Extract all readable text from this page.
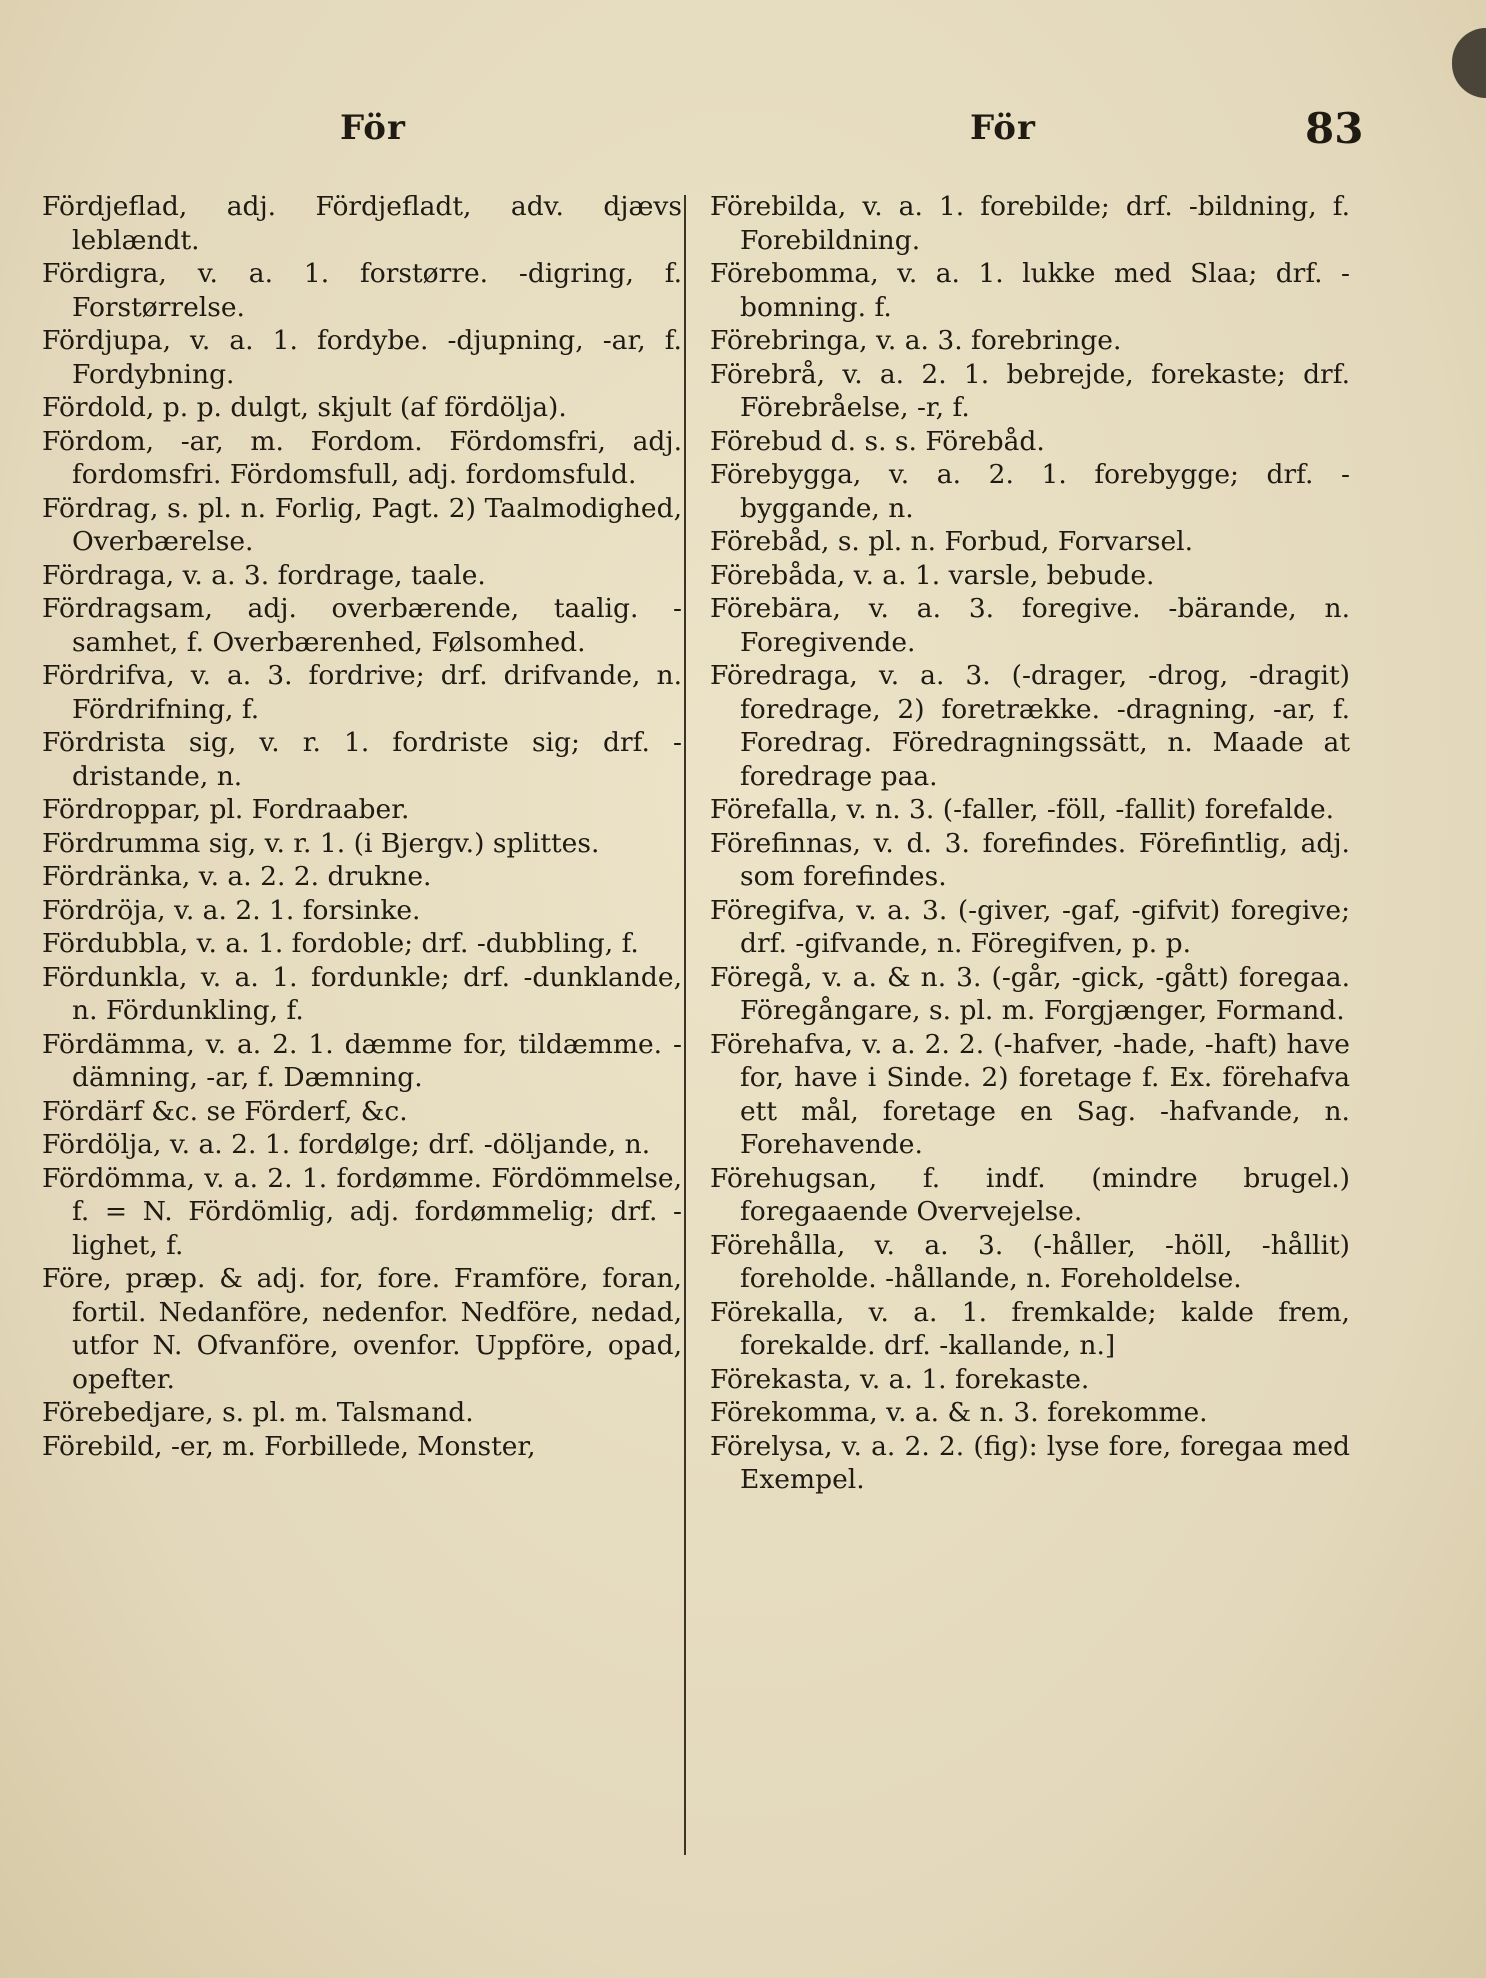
För	För	83

Fördjeflad, adj. Fördjefladt, adv. djævs leblændt.

Fördigra, v. a. 1. forstørre. -digring, f. Forstørrelse.

Fördjupa, v. a. 1. fordybe. -djupning, -ar, f. Fordybning.

Fördold, p. p. dulgt, skjult (af fördölja).

Fördom, -ar, m. Fordom. Fördomsfri, adj. fordomsfri. Fördomsfull, adj. fordomsfuld.

Fördrag, s. pl. n. Forlig, Pagt. 2) Taalmodighed, Overbærelse.

Fördraga, v. a. 3. fordrage, taale.

Fördragsam, adj. overbærende, taalig. -samhet, f. Overbærenhed, Følsomhed.

Fördrifva, v. a. 3. fordrive; drf. drifvande, n. Fördrifning, f.

Fördrista sig, v. r. 1. fordriste sig; drf. -dristande, n.

Fördroppar, pl. Fordraaber.

Fördrumma sig, v. r. 1. (i Bjergv.) splittes.

Fördränka, v. a. 2. 2. drukne.

Fördröja, v. a. 2. 1. forsinke.

Fördubbla, v. a. 1. fordoble; drf. -dubbling, f.

Fördunkla, v. a. 1. fordunkle; drf. -dunklande, n. Fördunkling, f.

Fördämma, v. a. 2. 1. dæmme for, tildæmme. -dämning, -ar, f. Dæmning.

Fördärf &c. se Förderf, &c.

Fördölja, v. a. 2. 1. fordølge; drf. -döljande, n.

Fördömma, v. a. 2. 1. fordømme. Fördömmelse, f. = N. Fördömlig, adj. fordømmelig; drf. -lighet, f.

Före, præp. & adj. for, fore. Framföre, foran, fortil. Nedanföre, nedenfor. Nedföre, nedad, utfor N. Ofvanföre, ovenfor. Uppföre, opad, opefter.

Förebedjare, s. pl. m. Talsmand.

Förebild, -er, m. Forbillede, Monster,

Förebilda, v. a. 1. forebilde; drf. -bildning, f. Forebildning.

Förebomma, v. a. 1. lukke med Slaa; drf. -bomning. f.

Förebringa, v. a. 3. forebringe.

Förebrå, v. a. 2. 1. bebrejde, forekaste; drf. Förebråelse, -r, f.

Förebud d. s. s. Förebåd.

Förebygga, v. a. 2. 1. forebygge; drf. -byggande, n.

Förebåd, s. pl. n. Forbud, Forvarsel.

Förebåda, v. a. 1. varsle, bebude.

Förebära, v. a. 3. foregive. -bärande, n. Foregivende.

Föredraga, v. a. 3. (-drager, -drog, -dragit) foredrage, 2) foretrække. -dragning, -ar, f. Foredrag. Föredragningssätt, n. Maade at foredrage paa.

Förefalla, v. n. 3. (-faller, -föll, -fallit) forefalde.

Förefinnas, v. d. 3. forefindes. Förefintlig, adj. som forefindes.

Föregifva, v. a. 3. (-giver, -gaf, -gifvit) foregive; drf. -gifvande, n. Föregifven, p. p.

Föregå, v. a. & n. 3. (-går, -gick, -gått) foregaa. Föregångare, s. pl. m. Forgjænger, Formand.

Förehafva, v. a. 2. 2. (-hafver, -hade, -haft) have for, have i Sinde. 2) foretage f. Ex. förehafva ett mål, foretage en Sag. -hafvande, n. Forehavende.

Förehugsan, f. indf. (mindre brugel.) foregaaende Overvejelse.

Förehålla, v. a. 3. (-håller, -höll, -hållit) foreholde. -hållande, n. Foreholdelse.

Förekalla, v. a. 1. fremkalde; kalde frem, forekalde. drf. -kallande, n.]

Förekasta, v. a. 1. forekaste.

Förekomma, v. a. & n. 3. forekomme.

Förelysa, v. a. 2. 2. (fig): lyse fore, foregaa med Exempel.
